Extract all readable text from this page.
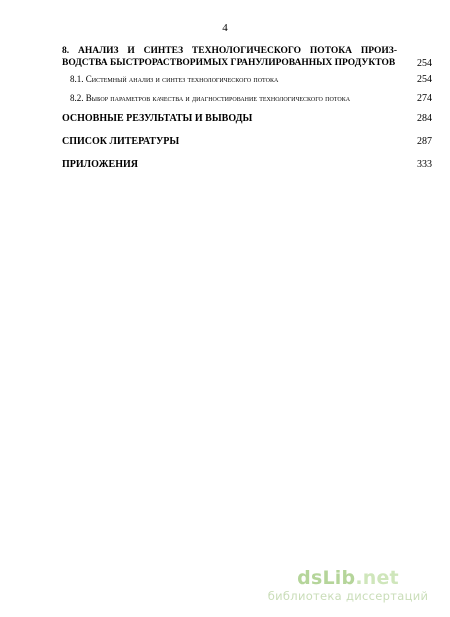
4
8. АНАЛИЗ И СИНТЕЗ ТЕХНОЛОГИЧЕСКОГО ПОТОКА ПРОИЗВОДСТВА БЫСТРОРАСТВОРИМЫХ ГРАНУЛИРОВАННЫХ ПРОДУКТОВ 254
8.1. Системный анализ и синтез технологического потока	254
8.2. Выбор параметров качества и диагностирование технологического потока	274
ОСНОВНЫЕ РЕЗУЛЬТАТЫ И ВЫВОДЫ	284
СПИСОК ЛИТЕРАТУРЫ	287
ПРИЛОЖЕНИЯ	333
dsLib.net
библиотека диссертаций
